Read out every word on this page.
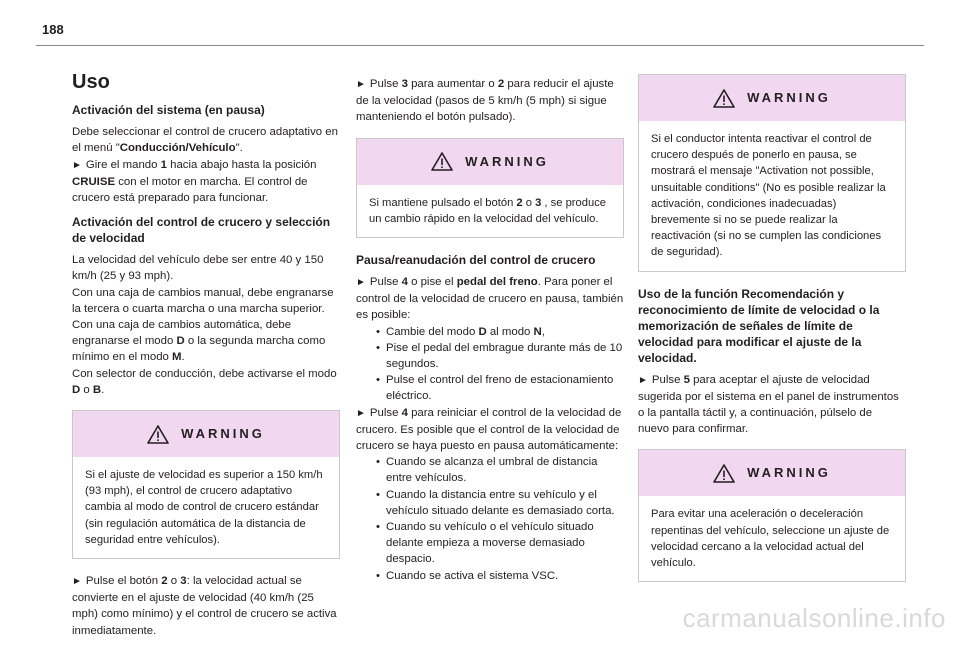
188
Uso
Activación del sistema (en pausa)

Debe seleccionar el control de crucero adaptativo en el menú "Conducción/Vehículo".
► Gire el mando 1 hacia abajo hasta la posición CRUISE con el motor en marcha. El control de crucero está preparado para funcionar.

Activación del control de crucero y selección de velocidad

La velocidad del vehículo debe ser entre 40 y 150 km/h (25 y 93 mph).
Con una caja de cambios manual, debe engranarse la tercera o cuarta marcha o una marcha superior.
Con una caja de cambios automática, debe engranarse el modo D o la segunda marcha como mínimo en el modo M.
Con selector de conducción, debe activarse el modo D o B.

WARNING
Si el ajuste de velocidad es superior a 150 km/h (93 mph), el control de crucero adaptativo cambia al modo de control de crucero estándar (sin regulación automática de la distancia de seguridad entre vehículos).

► Pulse el botón 2 o 3: la velocidad actual se convierte en el ajuste de velocidad (40 km/h (25 mph) como mínimo) y el control de crucero se activa inmediatamente.

► Pulse 3 para aumentar o 2 para reducir el ajuste de la velocidad (pasos de 5 km/h (5 mph) si sigue manteniendo el botón pulsado).

WARNING
Si mantiene pulsado el botón 2 o 3 , se produce un cambio rápido en la velocidad del vehículo.
Pausa/reanudación del control de crucero

► Pulse 4 o pise el pedal del freno. Para poner el control de la velocidad de crucero en pausa, también es posible:

• Cambie del modo D al modo N,
• Pise el pedal del embrague durante más de 10 segundos.
• Pulse el control del freno de estacionamiento eléctrico.

► Pulse 4 para reiniciar el control de la velocidad de crucero. Es posible que el control de la velocidad de crucero se haya puesto en pausa automáticamente:

• Cuando se alcanza el umbral de distancia entre vehículos.
• Cuando la distancia entre su vehículo y el vehículo situado delante es demasiado corta.
• Cuando su vehículo o el vehículo situado delante empieza a moverse demasiado despacio.
• Cuando se activa el sistema VSC.
WARNING
Si el conductor intenta reactivar el control de crucero después de ponerlo en pausa, se mostrará el mensaje "Activation not possible, unsuitable conditions" (No es posible realizar la activación, condiciones inadecuadas) brevemente si no se puede realizar la reactivación (si no se cumplen las condiciones de seguridad).
Uso de la función Recomendación y reconocimiento de límite de velocidad o la memorización de señales de límite de velocidad para modificar el ajuste de la velocidad.

► Pulse 5 para aceptar el ajuste de velocidad sugerida por el sistema en el panel de instrumentos o la pantalla táctil y, a continuación, púlselo de nuevo para confirmar.

WARNING
Para evitar una aceleración o deceleración repentinas del vehículo, seleccione un ajuste de velocidad cercano a la velocidad actual del vehículo.
carmanualsonline.info
